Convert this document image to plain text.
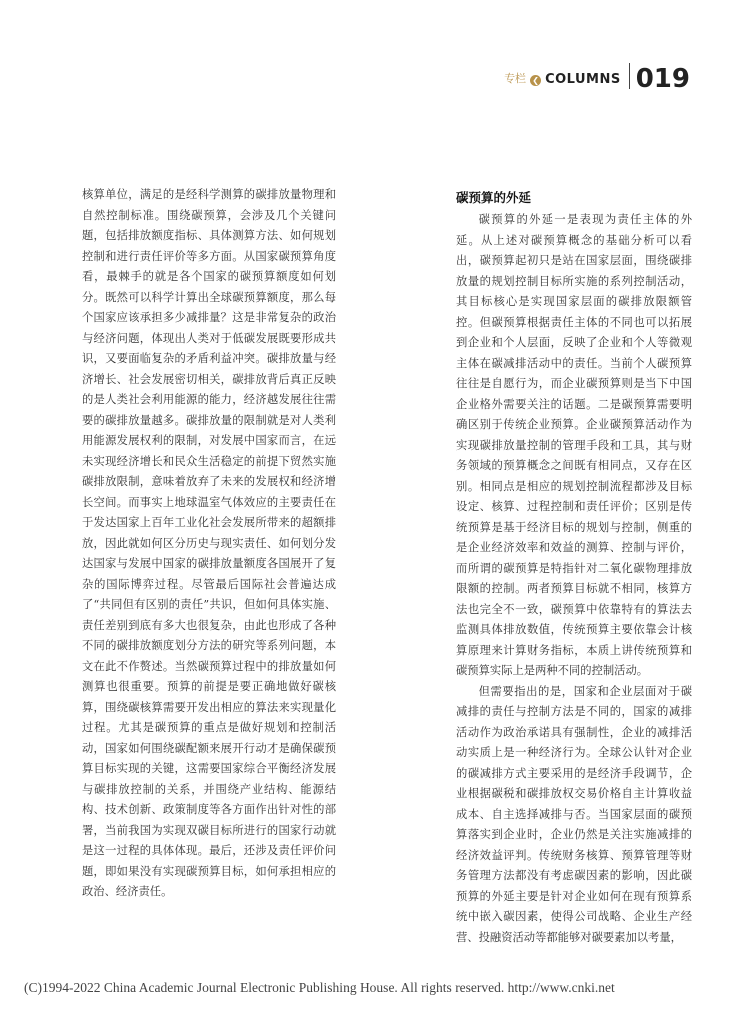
专栏 ❮ COLUMNS 019

核算单位，满足的是经科学测算的碳排放量物理和自然控制标准。围绕碳预算，会涉及几个关键问题，包括排放额度指标、具体测算方法、如何规划控制和进行责任评价等多方面。从国家碳预算角度看，最棘手的就是各个国家的碳预算额度如何划分。既然可以科学计算出全球碳预算额度，那么每个国家应该承担多少减排量？这是非常复杂的政治与经济问题，体现出人类对于低碳发展既要形成共识，又要面临复杂的矛盾利益冲突。碳排放量与经济增长、社会发展密切相关，碳排放背后真正反映的是人类社会利用能源的能力，经济越发展往往需要的碳排放量越多。碳排放量的限制就是对人类利用能源发展权利的限制，对发展中国家而言，在远未实现经济增长和民众生活稳定的前提下贸然实施碳排放限制，意味着放弃了未来的发展权和经济增长空间。而事实上地球温室气体效应的主要责任在于发达国家上百年工业化社会发展所带来的超额排放，因此就如何区分历史与现实责任、如何划分发达国家与发展中国家的碳排放量额度各国展开了复杂的国际博弈过程。尽管最后国际社会普遍达成了“共同但有区别的责任”共识，但如何具体实施、责任差别到底有多大也很复杂，由此也形成了各种不同的碳排放额度划分方法的研究等系列问题，本文在此不作赘述。当然碳预算过程中的排放量如何测算也很重要。预算的前提是要正确地做好碳核算，围绕碳核算需要开发出相应的算法来实现量化过程。尤其是碳预算的重点是做好规划和控制活动，国家如何围绕碳配额来展开行动才是确保碳预算目标实现的关键，这需要国家综合平衡经济发展与碳排放控制的关系，并围绕产业结构、能源结构、技术创新、政策制度等各方面作出针对性的部署，当前我国为实现双碳目标所进行的国家行动就是这一过程的具体体现。最后，还涉及责任评价问题，即如果没有实现碳预算目标，如何承担相应的政治、经济责任。

碳预算的外延

碳预算的外延一是表现为责任主体的外延。从上述对碳预算概念的基础分析可以看出，碳预算起初只是站在国家层面，围绕碳排放量的规划控制目标所实施的系列控制活动，其目标核心是实现国家层面的碳排放限额管控。但碳预算根据责任主体的不同也可以拓展到企业和个人层面，反映了企业和个人等微观主体在碳减排活动中的责任。当前个人碳预算往往是自愿行为，而企业碳预算则是当下中国企业格外需要关注的话题。二是碳预算需要明确区别于传统企业预算。企业碳预算活动作为实现碳排放量控制的管理手段和工具，其与财务领域的预算概念之间既有相同点，又存在区别。相同点是相应的规划控制流程都涉及目标设定、核算、过程控制和责任评价；区别是传统预算是基于经济目标的规划与控制，侧重的是企业经济效率和效益的测算、控制与评价，而所谓的碳预算是特指针对二氧化碳物理排放限额的控制。两者预算目标就不相同，核算方法也完全不一致，碳预算中依靠特有的算法去监测具体排放数值，传统预算主要依靠会计核算原理来计算财务指标，本质上讲传统预算和碳预算实际上是两种不同的控制活动。

但需要指出的是，国家和企业层面对于碳减排的责任与控制方法是不同的，国家的减排活动作为政治承诺具有强制性，企业的减排活动实质上是一种经济行为。全球公认针对企业的碳减排方式主要采用的是经济手段调节，企业根据碳税和碳排放权交易价格自主计算收益成本、自主选择减排与否。当国家层面的碳预算落实到企业时，企业仍然是关注实施减排的经济效益评判。传统财务核算、预算管理等财务管理方法都没有考虑碳因素的影响，因此碳预算的外延主要是针对企业如何在现有预算系统中嵌入碳因素，使得公司战略、企业生产经营、投融资活动等都能够对碳要素加以考量，

(C)1994-2022 China Academic Journal Electronic Publishing House. All rights reserved. http://www.cnki.net
